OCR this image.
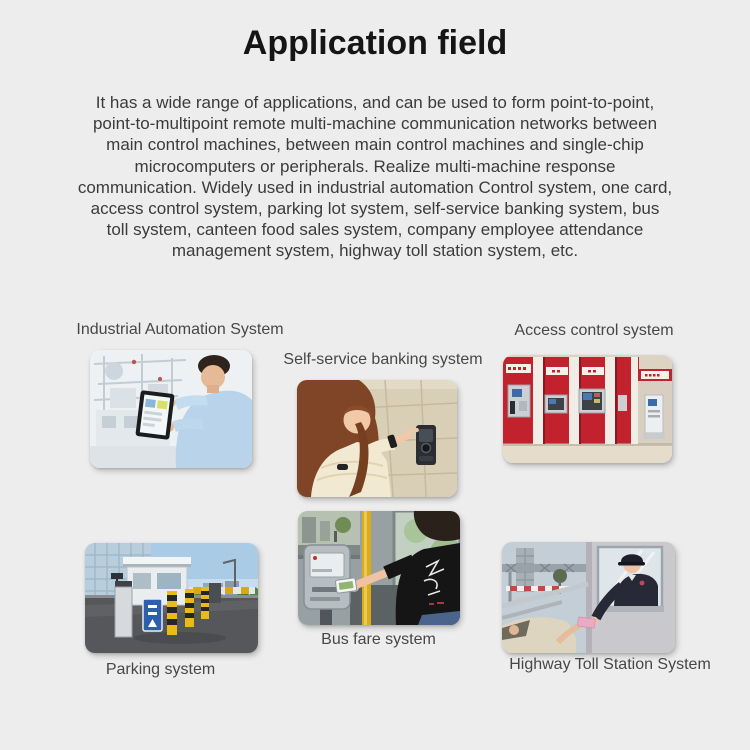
Application field
It has a wide range of applications, and can be used to form point-to-point,
point-to-multipoint remote multi-machine communication networks between
main control machines, between main control machines and single-chip
microcomputers or peripherals. Realize multi-machine response
communication. Widely used in industrial automation Control system, one card,
access control system, parking lot system, self-service banking system, bus
toll system, canteen food sales system, company employee attendance
management system, highway toll station system, etc.
Industrial Automation System
Self-service banking system
Access control system
Parking system
Bus fare system
Highway Toll Station System
